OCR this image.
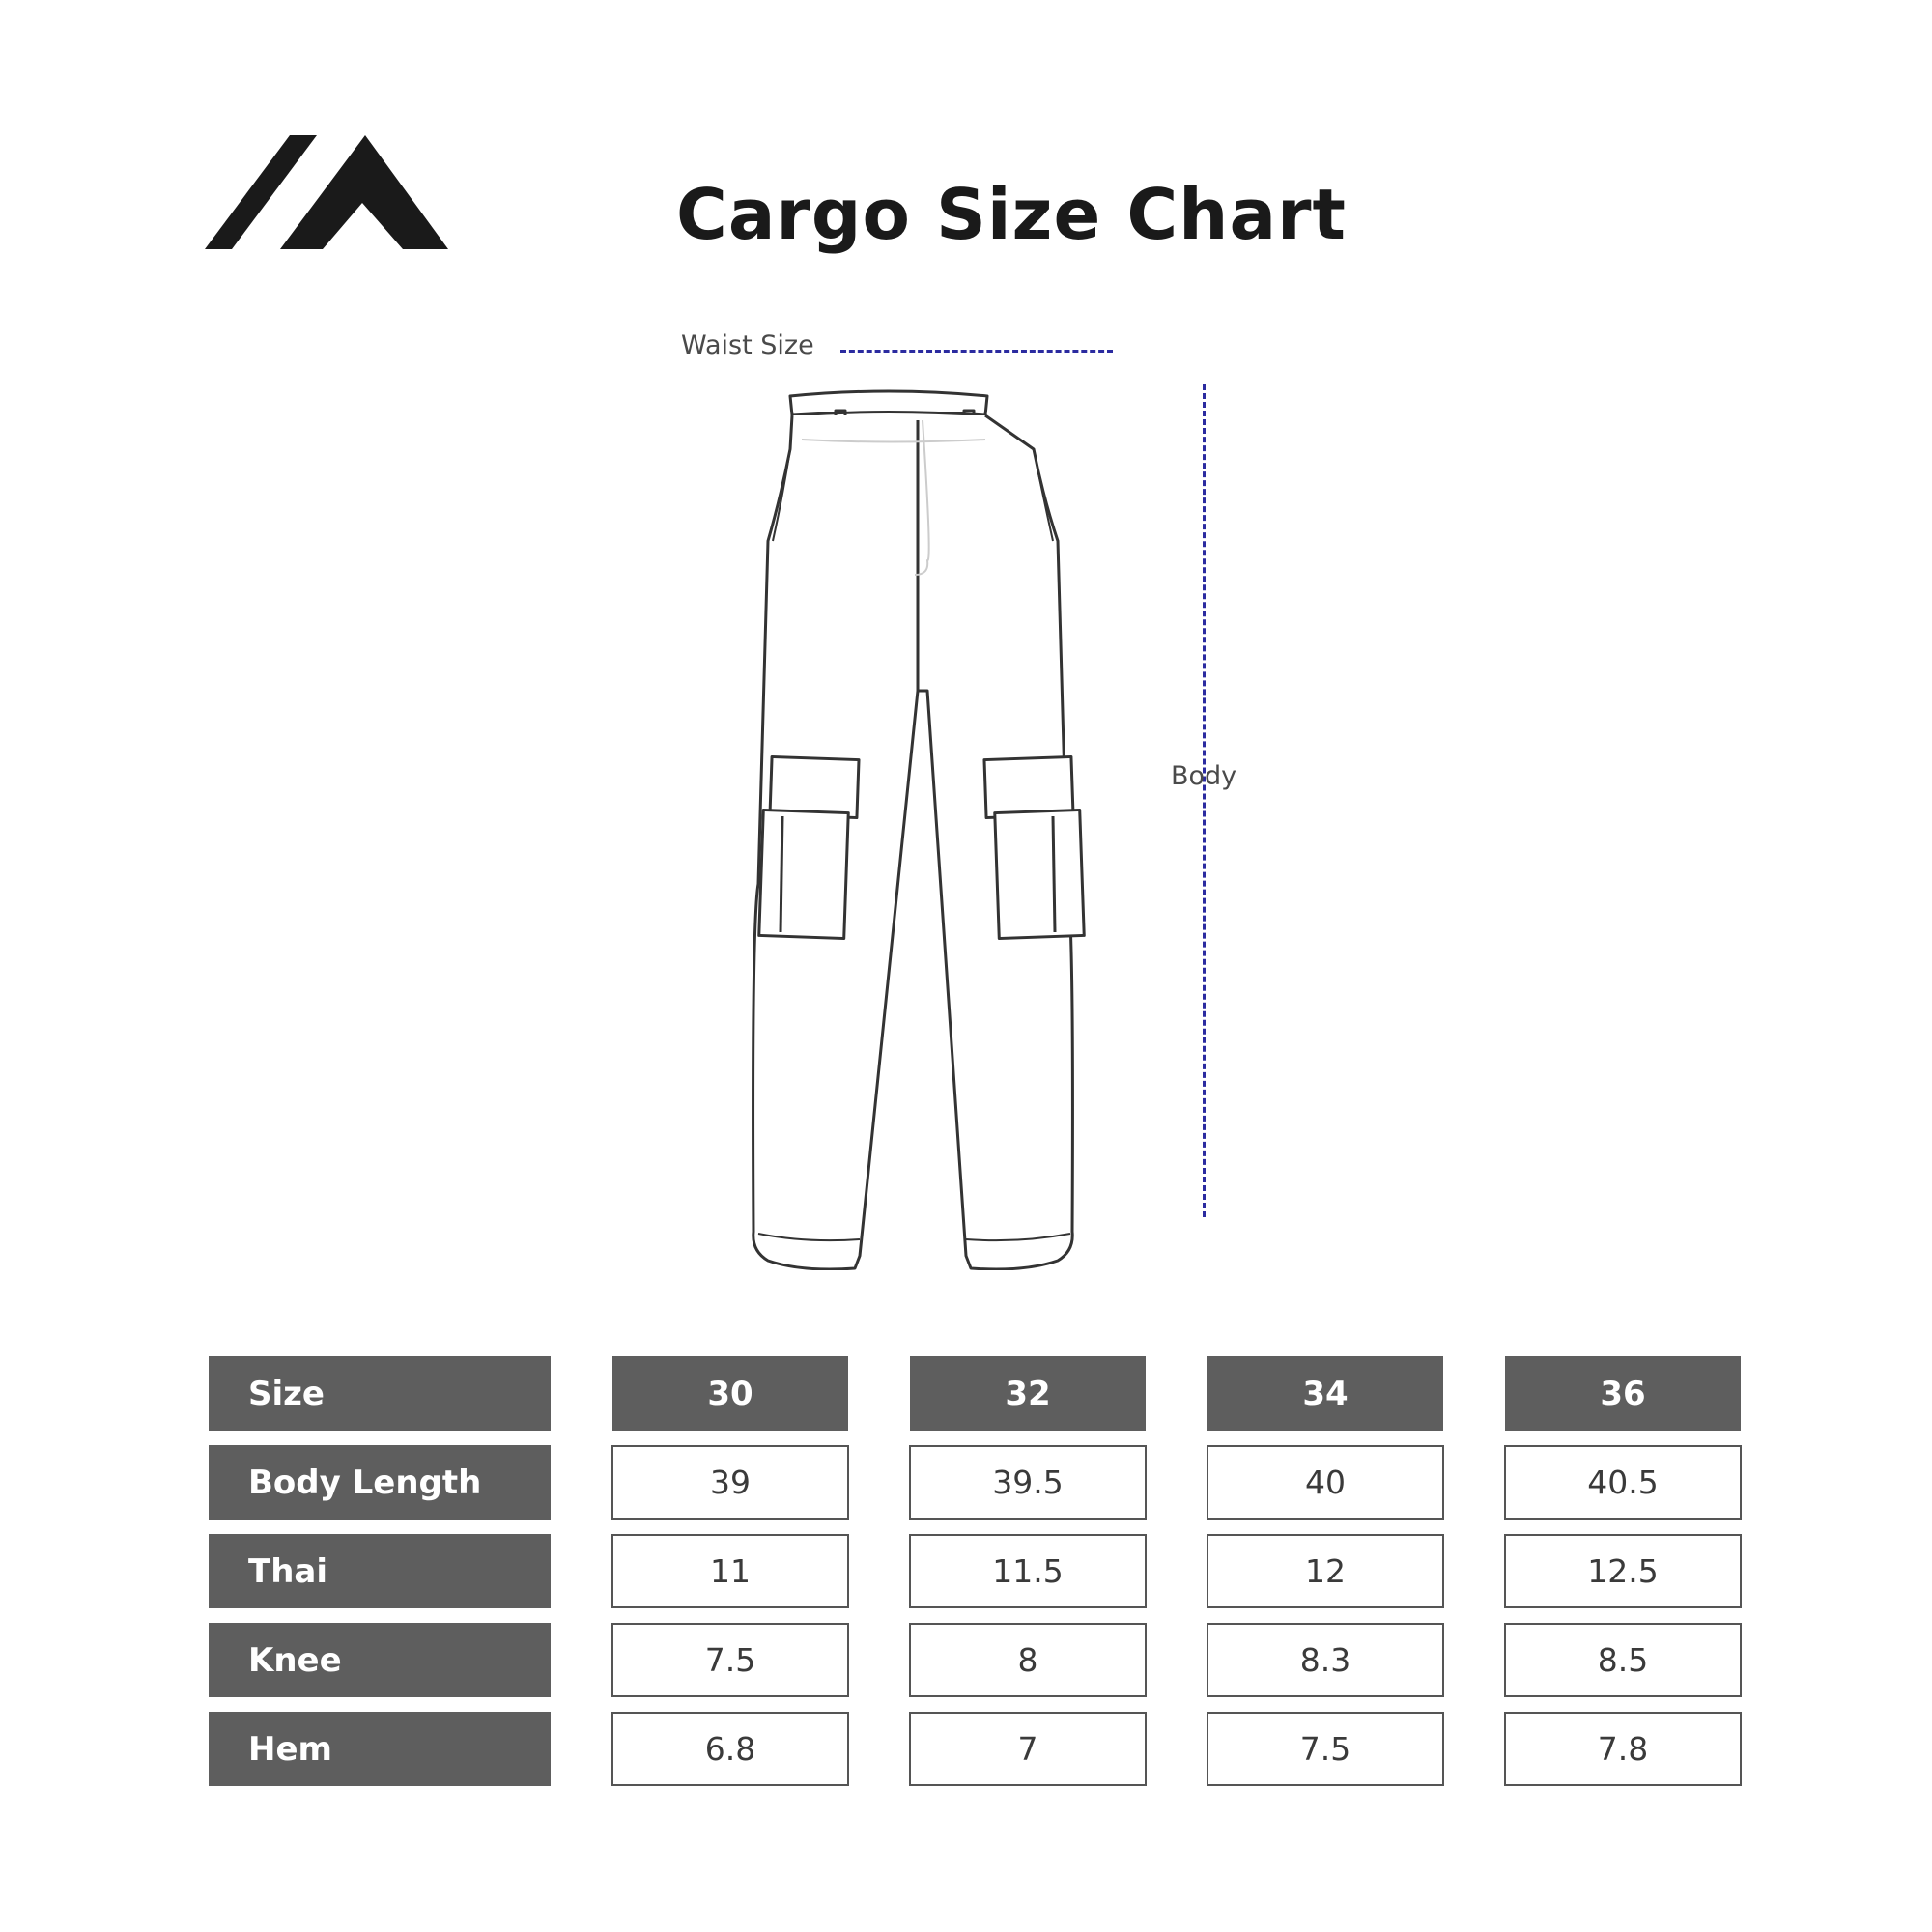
Cargo Size Chart
Waist Size
Body
Size	30	32	34	36
Body Length	39	39.5	40	40.5
Thai	11	11.5	12	12.5
Knee	7.5	8	8.3	8.5
Hem	6.8	7	7.5	7.8
